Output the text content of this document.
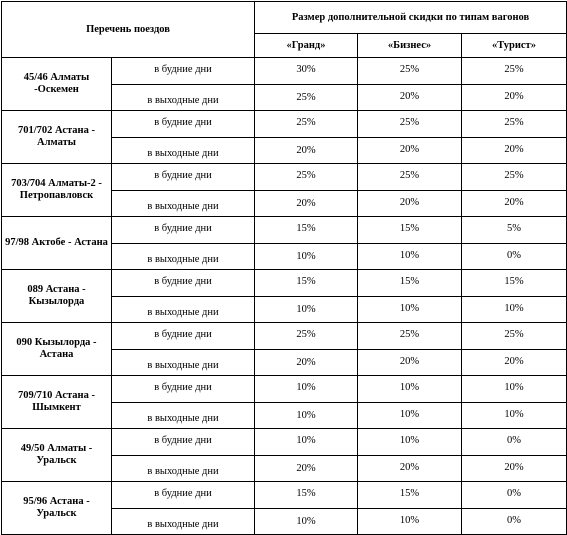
Перечень поездов		Размер дополнительной скидки по типам вагонов		
		«Гранд»	«Бизнес»	«Турист»
45/46 Алматы -Оскемен	в будние дни	30%	25%	25%
	в выходные дни	25%	20%	20%
701/702 Астана - Алматы	в будние дни	25%	25%	25%
	в выходные дни	20%	20%	20%
703/704 Алматы-2 - Петропавловск	в будние дни	25%	25%	25%
	в выходные дни	20%	20%	20%
97/98 Актобе - Астана	в будние дни	15%	15%	5%
	в выходные дни	10%	10%	0%
089 Астана - Кызылорда	в будние дни	15%	15%	15%
	в выходные дни	10%	10%	10%
090 Кызылорда - Астана	в будние дни	25%	25%	25%
	в выходные дни	20%	20%	20%
709/710 Астана - Шымкент	в будние дни	10%	10%	10%
	в выходные дни	10%	10%	10%
49/50 Алматы - Уральск	в будние дни	10%	10%	0%
	в выходные дни	20%	20%	20%
95/96 Астана - Уральск	в будние дни	15%	15%	0%
	в выходные дни	10%	10%	0%
